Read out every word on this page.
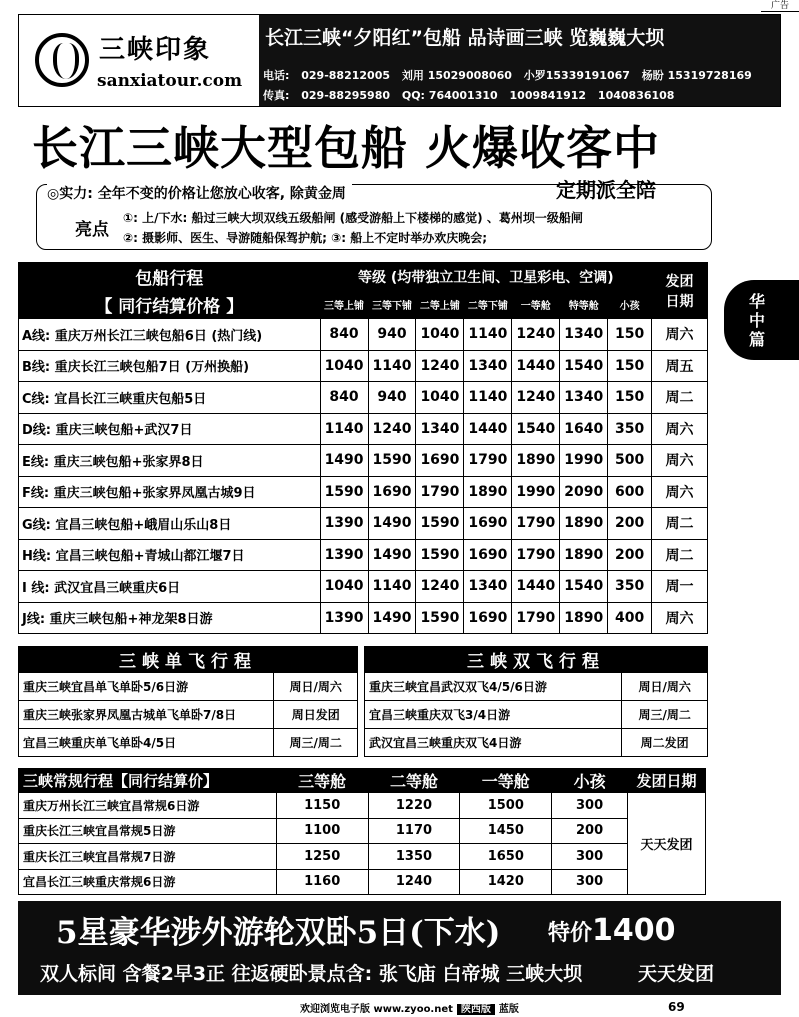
广告
三峡印象
sanxiatour.com
长江三峡“夕阳红”包船 品诗画三峡 览巍巍大坝
电话: 029-88212005 刘用 15029008060 小罗15339191067 杨盼 15319728169
传真: 029-88295980 QQ: 764001310 1009841912 1040836108
长江三峡大型包船 火爆收客中
定期派全陪
◎实力: 全年不变的价格让您放心收客, 除黄金周
亮点
①: 上/下水: 船过三峡大坝双线五级船闸 (感受游船上下楼梯的感觉) 、葛州坝一级船闸
②: 摄影师、医生、导游随船保驾护航; ③: 船上不定时举办欢庆晚会;
华中篇
包船行程	等级 (均带独立卫生间、卫星彩电、空调)							发团日期
【 同行结算价格 】	三等上铺	三等下铺	二等上铺	二等下铺	一等舱	特等舱	小孩	
A线: 重庆万州长江三峡包船6日 (热门线)	840	940	1040	1140	1240	1340	150	周六
B线: 重庆长江三峡包船7日 (万州换船)	1040	1140	1240	1340	1440	1540	150	周五
C线: 宜昌长江三峡重庆包船5日	840	940	1040	1140	1240	1340	150	周二
D线: 重庆三峡包船+武汉7日	1140	1240	1340	1440	1540	1640	350	周六
E线: 重庆三峡包船+张家界8日	1490	1590	1690	1790	1890	1990	500	周六
F线: 重庆三峡包船+张家界凤凰古城9日	1590	1690	1790	1890	1990	2090	600	周六
G线: 宜昌三峡包船+峨眉山乐山8日	1390	1490	1590	1690	1790	1890	200	周二
H线: 宜昌三峡包船+青城山都江堰7日	1390	1490	1590	1690	1790	1890	200	周二
I 线: 武汉宜昌三峡重庆6日	1040	1140	1240	1340	1440	1540	350	周一
J线: 重庆三峡包船+神龙架8日游	1390	1490	1590	1690	1790	1890	400	周六
三峡单飞行程	
重庆三峡宜昌单飞单卧5/6日游	周日/周六
重庆三峡张家界凤凰古城单飞单卧7/8日	周日发团
宜昌三峡重庆单飞单卧4/5日	周三/周二
三峡双飞行程	
重庆三峡宜昌武汉双飞4/5/6日游	周日/周六
宜昌三峡重庆双飞3/4日游	周三/周二
武汉宜昌三峡重庆双飞4日游	周二发团
三峡常规行程【同行结算价】	三等舱	二等舱	一等舱	小孩	发团日期
重庆万州长江三峡宜昌常规6日游	1150	1220	1500	300	天天发团
重庆长江三峡宜昌常规5日游	1100	1170	1450	200	
重庆长江三峡宜昌常规7日游	1250	1350	1650	300	
宜昌长江三峡重庆常规6日游	1160	1240	1420	300	
5星豪华涉外游轮双卧5日(下水) 特价1400
双人标间 含餐2早3正 往返硬卧景点含: 张飞庙 白帝城 三峡大坝	天天发团
欢迎浏览电子版 www.zyoo.net 陕西版 蓝版	69
